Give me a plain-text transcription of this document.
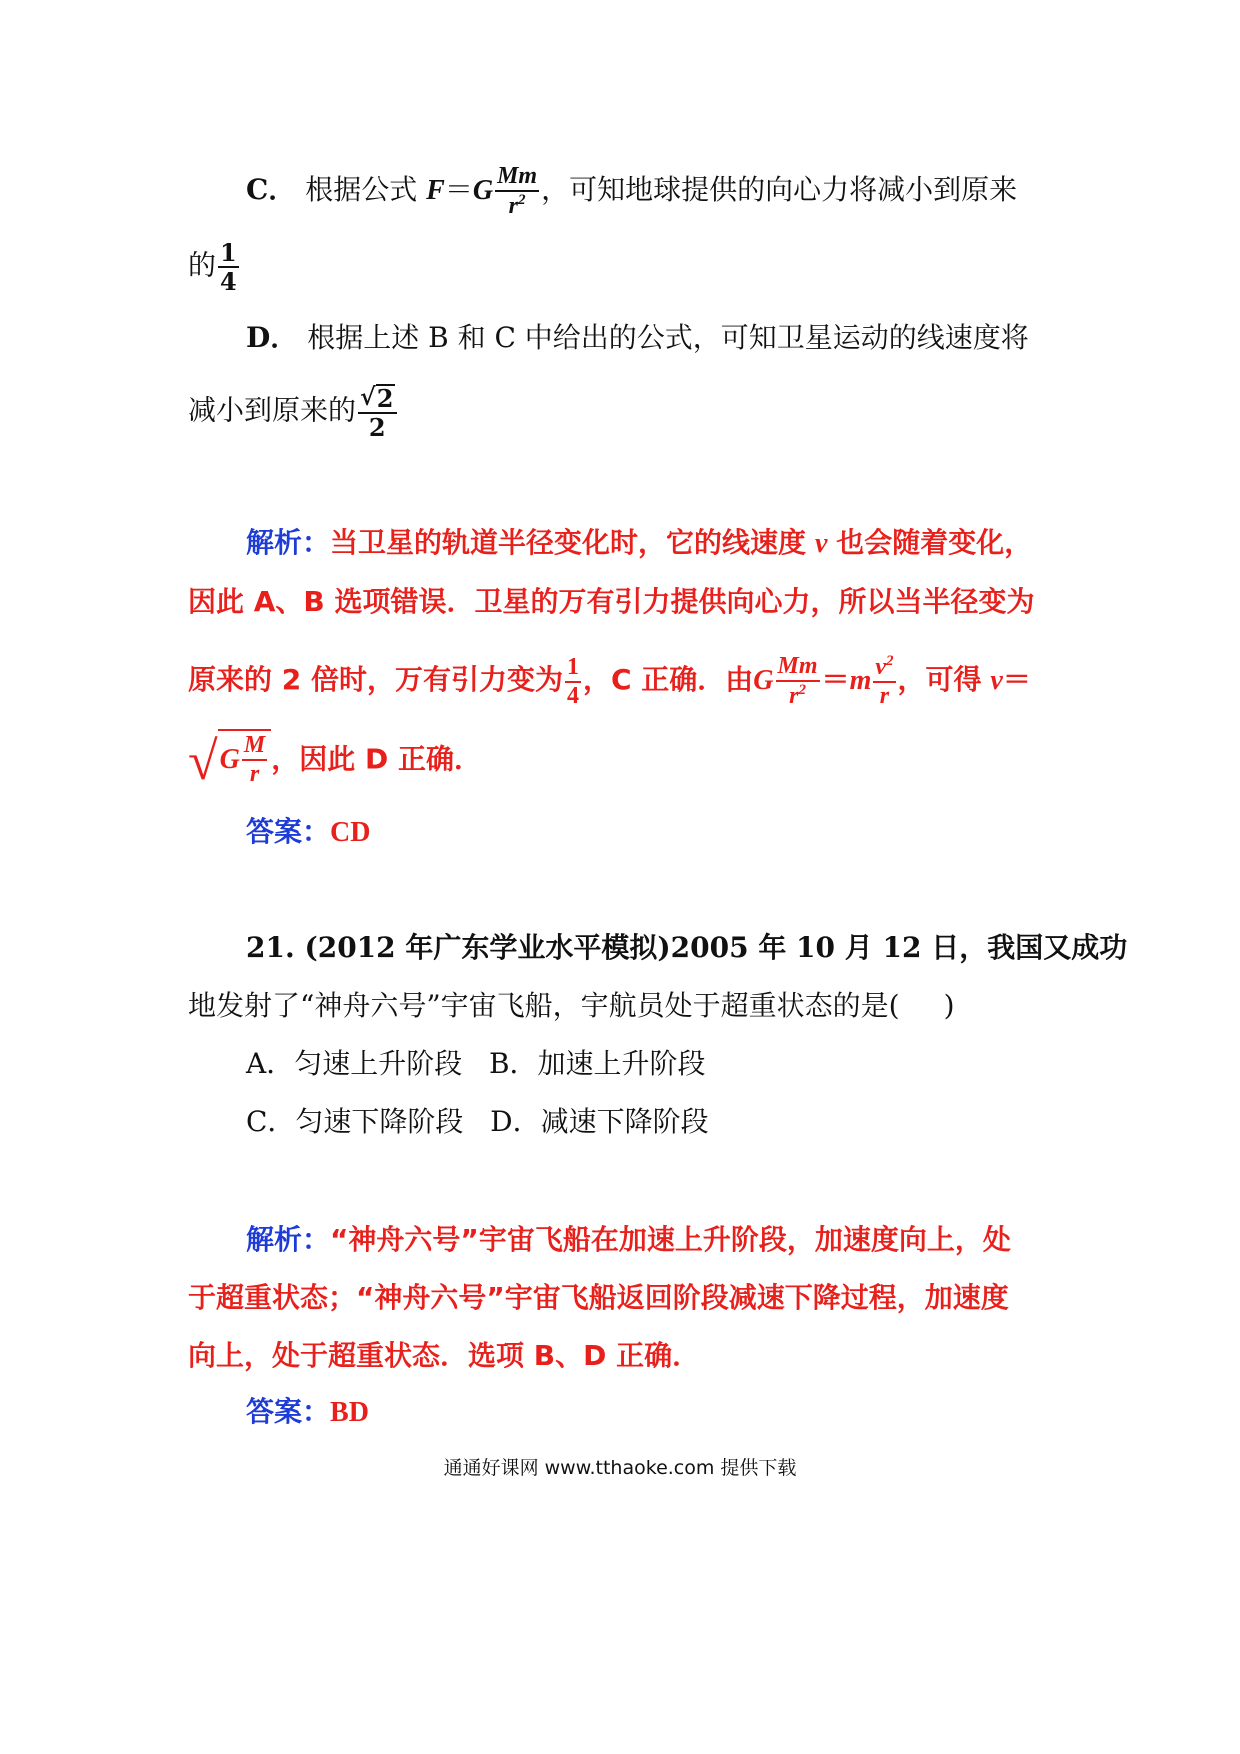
C． 根据公式 $F=G \frac{Mm}{r^2}$ ，可知地球提供的向心力将减小到原来
的 $\frac{1}{4}$
D． 根据上述 B 和 C 中给出的公式，可知卫星运动的线速度将
减小到原来的 $\frac{√ 2}{2}$
解析：当卫星的轨道半径变化时，它的线速度 v 也会随着变化，
因此 A、B 选项错误．卫星的万有引力提供向心力，所以当半径变为
原来的 2 倍时，万有引力变为 $\frac{1}{4}$ ，C 正确．由G $\frac{Mm}{r^2} =m \frac{v^2}{r}$ ，可得 v＝
√ G $\frac{M}{r}$ ，因此 D 正确．
答案：CD
21. (2012 年广东学业水平模拟)2005 年 10 月 12 日，我国又成功
地发射了“神舟六号”宇宙飞船，宇航员处于超重状态的是( )
A．匀速上升阶段 B．加速上升阶段
C．匀速下降阶段 D．减速下降阶段
解析：“神舟六号”宇宙飞船在加速上升阶段，加速度向上，处
于超重状态；“神舟六号”宇宙飞船返回阶段减速下降过程，加速度
向上，处于超重状态．选项 B、D 正确．
答案：BD
通通好课网 www.tthaoke.com 提供下载
